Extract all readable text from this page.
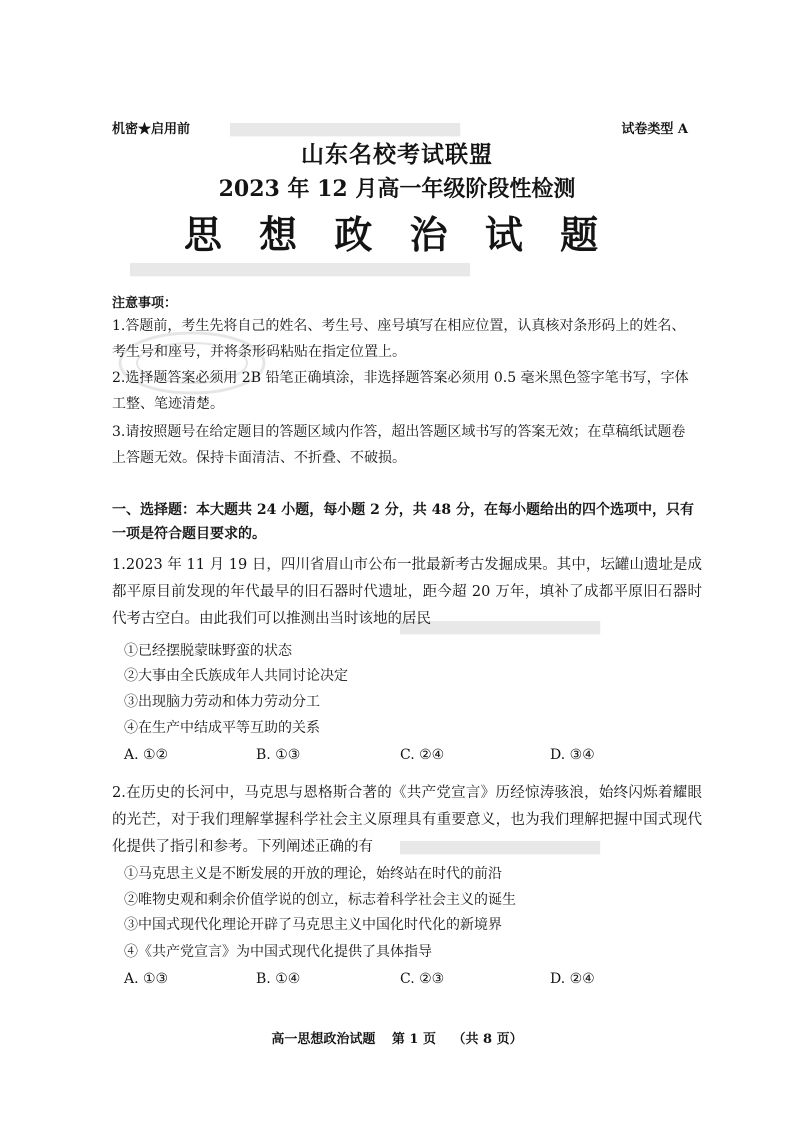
▇▇▇▇▇▇▇▇▇▇▇▇▇▇▇▇▇▇▇▇▇▇▇
▇▇▇▇▇▇▇▇▇▇▇▇▇▇▇▇▇▇▇▇▇▇▇▇▇▇▇▇▇▇▇▇▇▇
▇▇▇▇▇▇▇▇▇▇▇▇▇▇▇▇▇▇▇▇
▇▇▇▇▇▇▇▇▇▇▇▇▇▇▇▇▇▇▇▇
机密★启用前	试卷类型 A
山东名校考试联盟
2023 年 12 月高一年级阶段性检测
思 想 政 治 试 题
注意事项：
1.答题前，考生先将自己的姓名、考生号、座号填写在相应位置，认真核对条形码上的姓名、考生号和座号，并将条形码粘贴在指定位置上。
2.选择题答案必须用 2B 铅笔正确填涂，非选择题答案必须用 0.5 毫米黑色签字笔书写，字体工整、笔迹清楚。
3.请按照题号在给定题目的答题区域内作答，超出答题区域书写的答案无效；在草稿纸试题卷上答题无效。保持卡面清洁、不折叠、不破损。
一、选择题：本大题共 24 小题，每小题 2 分，共 48 分，在每小题给出的四个选项中，只有一项是符合题目要求的。
1.2023 年 11 月 19 日，四川省眉山市公布一批最新考古发掘成果。其中，坛罐山遗址是成都平原目前发现的年代最早的旧石器时代遗址，距今超 20 万年，填补了成都平原旧石器时代考古空白。由此我们可以推测出当时该地的居民
①已经摆脱蒙昧野蛮的状态
②大事由全氏族成年人共同讨论决定
③出现脑力劳动和体力劳动分工
④在生产中结成平等互助的关系
A. ①②	B. ①③	C. ②④	D. ③④
2.在历史的长河中，马克思与恩格斯合著的《共产党宣言》历经惊涛骇浪，始终闪烁着耀眼的光芒，对于我们理解掌握科学社会主义原理具有重要意义，也为我们理解把握中国式现代化提供了指引和参考。下列阐述正确的有
①马克思主义是不断发展的开放的理论，始终站在时代的前沿
②唯物史观和剩余价值学说的创立，标志着科学社会主义的诞生
③中国式现代化理论开辟了马克思主义中国化时代化的新境界
④《共产党宣言》为中国式现代化提供了具体指导
A. ①③	B. ①④	C. ②③	D. ②④
高一思想政治试题 第 1 页 （共 8 页）
